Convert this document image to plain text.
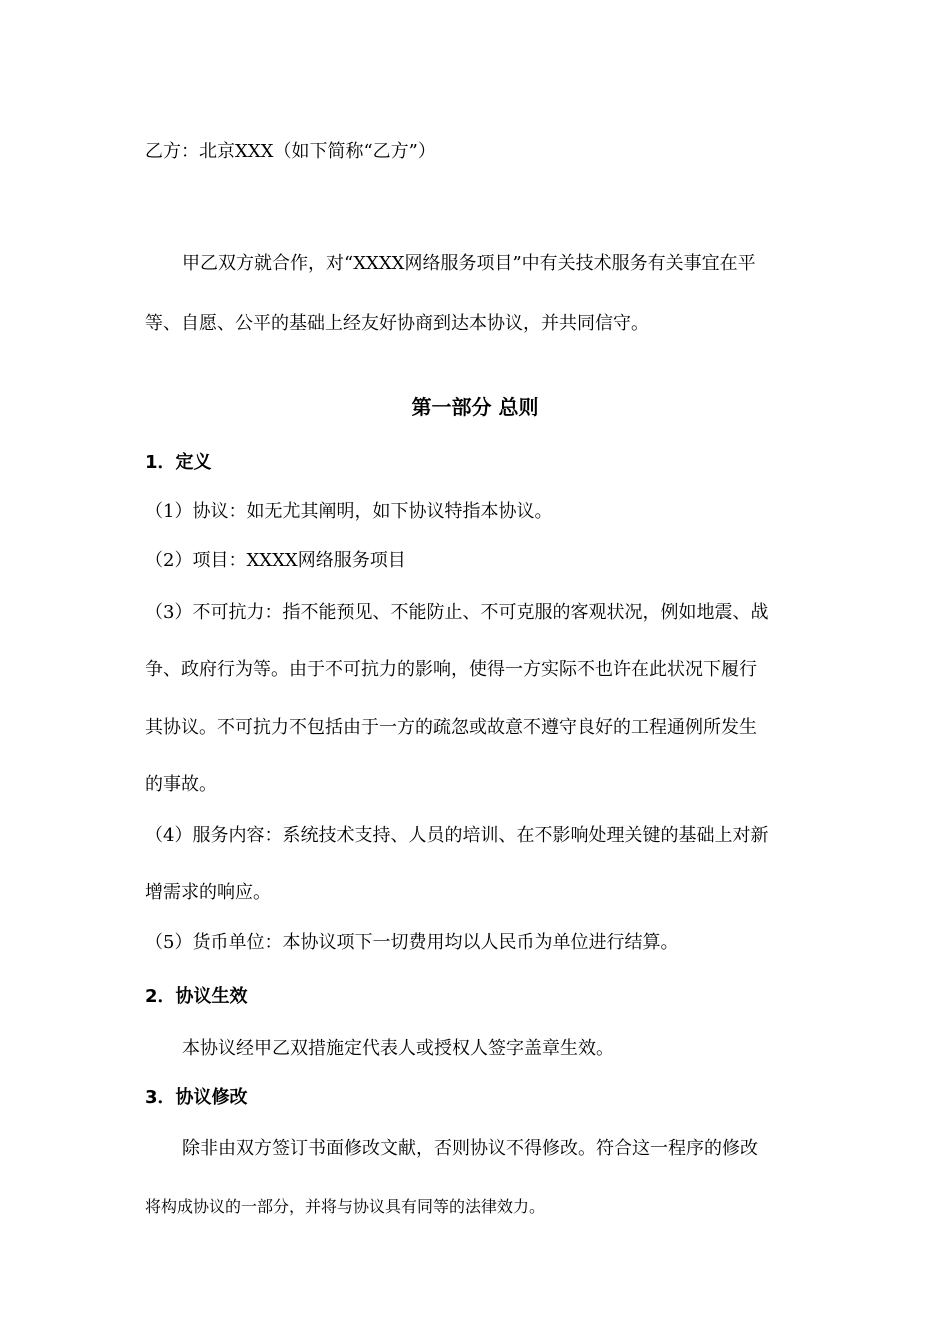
乙方：北京XXX（如下简称“乙方”）
甲乙双方就合作，对“XXXX网络服务项目”中有关技术服务有关事宜在平
等、自愿、公平的基础上经友好协商到达本协议，并共同信守。
第一部分 总则
1．定义
（1）协议：如无尤其阐明，如下协议特指本协议。
（2）项目：XXXX网络服务项目
（3）不可抗力：指不能预见、不能防止、不可克服的客观状况，例如地震、战
争、政府行为等。由于不可抗力的影响，使得一方实际不也许在此状况下履行
其协议。不可抗力不包括由于一方的疏忽或故意不遵守良好的工程通例所发生
的事故。
（4）服务内容：系统技术支持、人员的培训、在不影响处理关键的基础上对新
增需求的响应。
（5）货币单位：本协议项下一切费用均以人民币为单位进行结算。
2．协议生效
本协议经甲乙双措施定代表人或授权人签字盖章生效。
3．协议修改
除非由双方签订书面修改文献，否则协议不得修改。符合这一程序的修改
将构成协议的一部分，并将与协议具有同等的法律效力。
